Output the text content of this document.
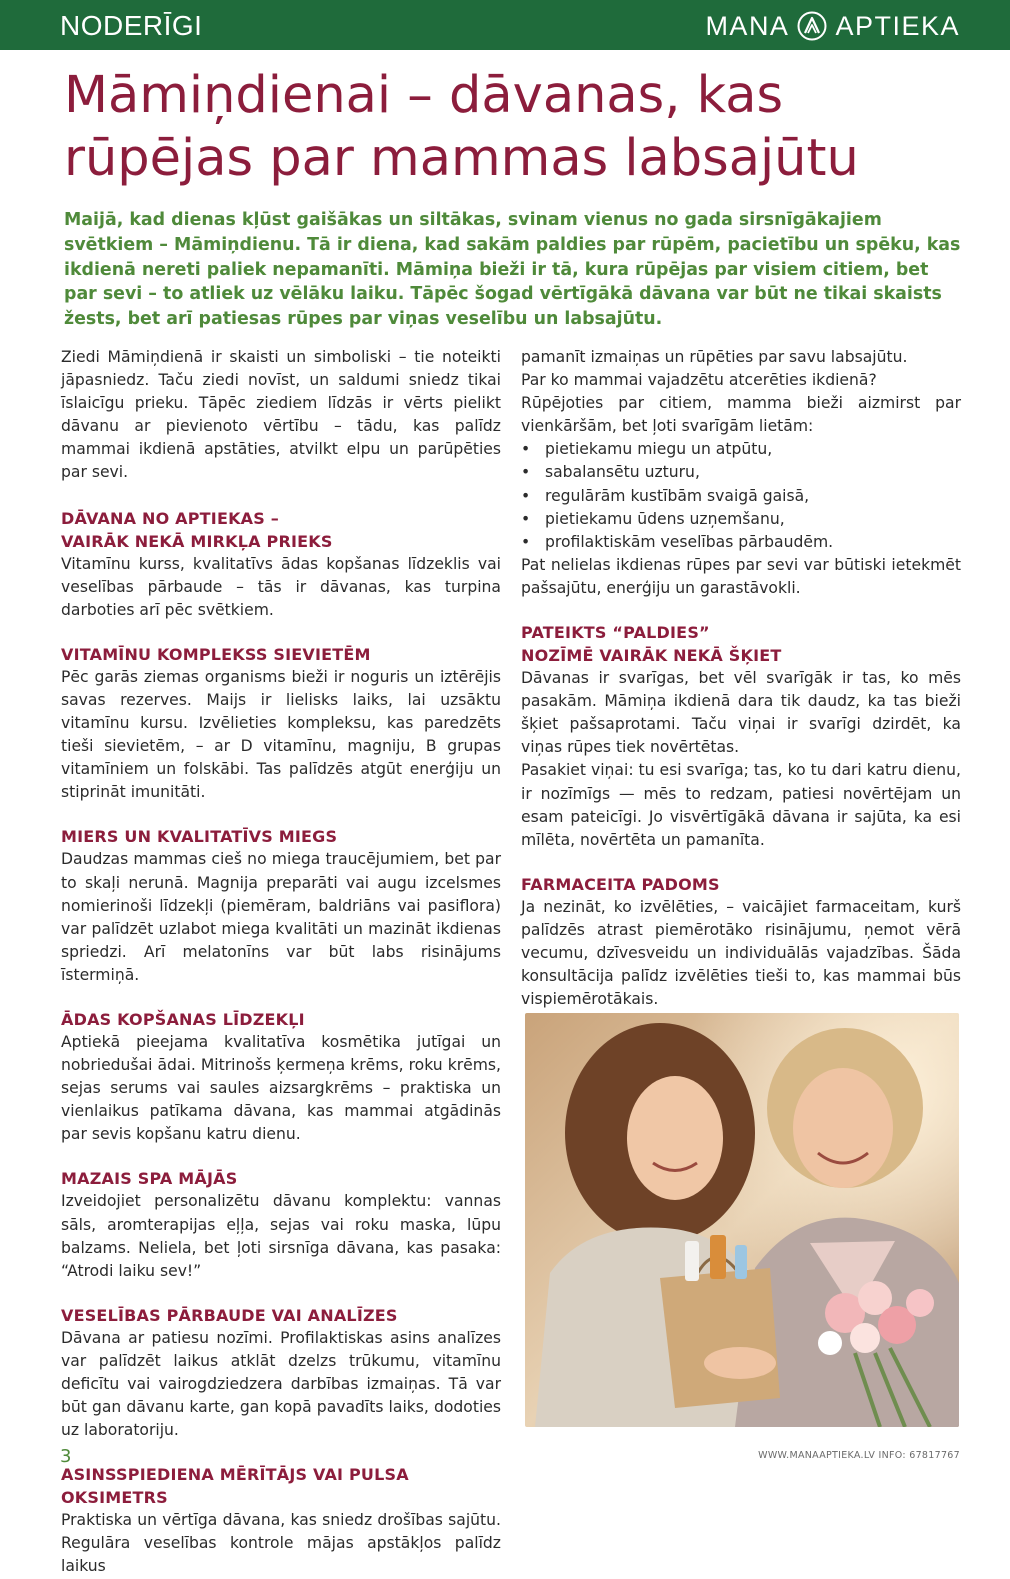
NODERĪGI	MANA APTIEKA
Māmiņdienai – dāvanas, kas rūpējas par mammas labsajūtu

Maijā, kad dienas kļūst gaišākas un siltākas, svinam vienus no gada sirsnīgākajiem svētkiem – Māmiņdienu. Tā ir diena, kad sakām paldies par rūpēm, pacietību un spēku, kas ikdienā nereti paliek nepamanīti. Māmiņa bieži ir tā, kura rūpējas par visiem citiem, bet par sevi – to atliek uz vēlāku laiku. Tāpēc šogad vērtīgākā dāvana var būt ne tikai skaists žests, bet arī patiesas rūpes par viņas veselību un labsajūtu.

Ziedi Māmiņdienā ir skaisti un simboliski – tie noteikti jāpasniedz. Taču ziedi novīst, un saldumi sniedz tikai īslaicīgu prieku. Tāpēc ziediem līdzās ir vērts pielikt dāvanu ar pievienoto vērtību – tādu, kas palīdz mammai ikdienā apstāties, atvilkt elpu un parūpēties par sevi.

DĀVANA NO APTIEKAS –
VAIRĀK NEKĀ MIRKĻA PRIEKS

Vitamīnu kurss, kvalitatīvs ādas kopšanas līdzeklis vai veselības pārbaude – tās ir dāvanas, kas turpina darboties arī pēc svētkiem.

VITAMĪNU KOMPLEKSS SIEVIETĒM

Pēc garās ziemas organisms bieži ir noguris un iztērējis savas rezerves. Maijs ir lielisks laiks, lai uzsāktu vitamīnu kursu. Izvēlieties kompleksu, kas paredzēts tieši sievietēm, – ar D vitamīnu, magniju, B grupas vitamīniem un folskābi. Tas palīdzēs atgūt enerģiju un stiprināt imunitāti.

MIERS UN KVALITATĪVS MIEGS

Daudzas mammas cieš no miega traucējumiem, bet par to skaļi nerunā. Magnija preparāti vai augu izcelsmes nomierinoši līdzekļi (piemēram, baldriāns vai pasiflora) var palīdzēt uzlabot miega kvalitāti un mazināt ikdienas spriedzi. Arī melatonīns var būt labs risinājums īstermiņā.

ĀDAS KOPŠANAS LĪDZEKĻI

Aptiekā pieejama kvalitatīva kosmētika jutīgai un nobriedušai ādai. Mitrinošs ķermeņa krēms, roku krēms, sejas serums vai saules aizsargkrēms – praktiska un vienlaikus patīkama dāvana, kas mammai atgādinās par sevis kopšanu katru dienu.

MAZAIS SPA MĀJĀS

Izveidojiet personalizētu dāvanu komplektu: vannas sāls, aromterapijas eļļa, sejas vai roku maska, lūpu balzams. Neliela, bet ļoti sirsnīga dāvana, kas pasaka: “Atrodi laiku sev!”

VESELĪBAS PĀRBAUDE VAI ANALĪZES

Dāvana ar patiesu nozīmi. Profilaktiskas asins analīzes var palīdzēt laikus atklāt dzelzs trūkumu, vitamīnu deficītu vai vairogdziedzera darbības izmaiņas. Tā var būt gan dāvanu karte, gan kopā pavadīts laiks, dodoties uz laboratoriju.

ASINSSPIEDIENA MĒRĪTĀJS VAI PULSA OKSIMETRS

Praktiska un vērtīga dāvana, kas sniedz drošības sajūtu. Regulāra veselības kontrole mājas apstākļos palīdz laikus

pamanīt izmaiņas un rūpēties par savu labsajūtu.

Par ko mammai vajadzētu atcerēties ikdienā?

Rūpējoties par citiem, mamma bieži aizmirst par vienkāršām, bet ļoti svarīgām lietām:

• pietiekamu miegu un atpūtu,
• sabalansētu uzturu,
• regulārām kustībām svaigā gaisā,
• pietiekamu ūdens uzņemšanu,
• profilaktiskām veselības pārbaudēm.

Pat nelielas ikdienas rūpes par sevi var būtiski ietekmēt pašsajūtu, enerģiju un garastāvokli.

PATEIKTS “PALDIES”
NOZĪMĒ VAIRĀK NEKĀ ŠĶIET

Dāvanas ir svarīgas, bet vēl svarīgāk ir tas, ko mēs pasakām. Māmiņa ikdienā dara tik daudz, ka tas bieži šķiet pašsaprotami. Taču viņai ir svarīgi dzirdēt, ka viņas rūpes tiek novērtētas.

Pasakiet viņai: tu esi svarīga; tas, ko tu dari katru dienu, ir nozīmīgs — mēs to redzam, patiesi novērtējam un esam pateicīgi. Jo visvērtīgākā dāvana ir sajūta, ka esi mīlēta, novērtēta un pamanīta.

FARMACEITA PADOMS

Ja nezināt, ko izvēlēties, – vaicājiet farmaceitam, kurš palīdzēs atrast piemērotāko risinājumu, ņemot vērā vecumu, dzīvesveidu un individuālās vajadzības. Šāda konsultācija palīdz izvēlēties tieši to, kas mammai būs vispiemērotākais.

3	WWW.MANAAPTIEKA.LV INFO: 67817767
